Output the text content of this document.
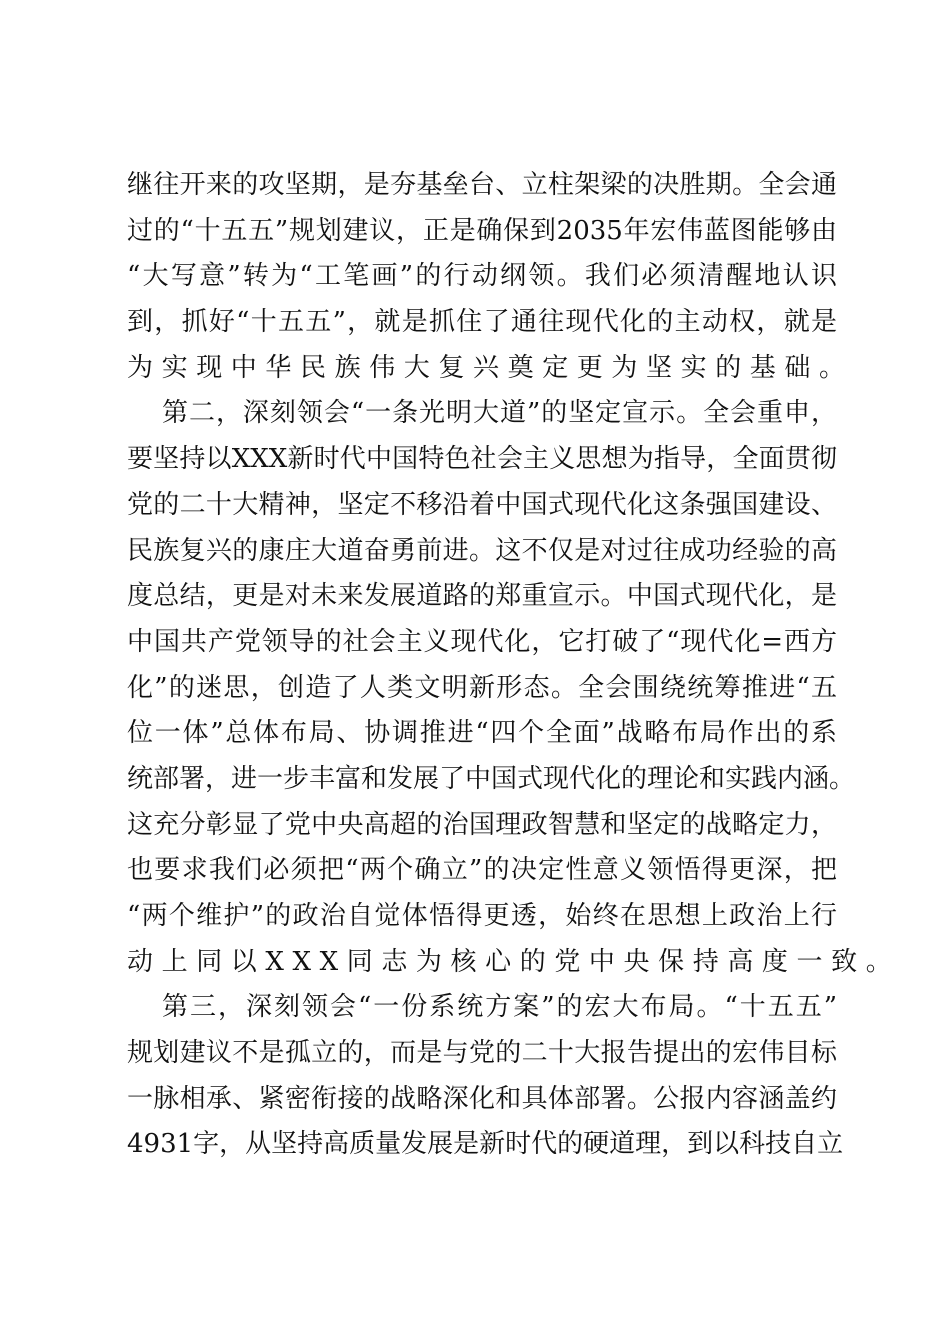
继往开来的攻坚期，是夯基垒台、立柱架梁的决胜期。全会通
过的“十五五”规划建议，正是确保到2035年宏伟蓝图能够由
“大写意”转为“工笔画”的行动纲领。我们必须清醒地认识
到，抓好“十五五”，就是抓住了通往现代化的主动权，就是
为实现中华民族伟大复兴奠定更为坚实的基础。
第二，深刻领会“一条光明大道”的坚定宣示。全会重申，
要坚持以XXX新时代中国特色社会主义思想为指导，全面贯彻
党的二十大精神，坚定不移沿着中国式现代化这条强国建设、
民族复兴的康庄大道奋勇前进。这不仅是对过往成功经验的高
度总结，更是对未来发展道路的郑重宣示。中国式现代化，是
中国共产党领导的社会主义现代化，它打破了“现代化=西方
化”的迷思，创造了人类文明新形态。全会围绕统筹推进“五
位一体”总体布局、协调推进“四个全面”战略布局作出的系
统部署，进一步丰富和发展了中国式现代化的理论和实践内涵。
这充分彰显了党中央高超的治国理政智慧和坚定的战略定力，
也要求我们必须把“两个确立”的决定性意义领悟得更深，把
“两个维护”的政治自觉体悟得更透，始终在思想上政治上行
动上同以XXX同志为核心的党中央保持高度一致。
第三，深刻领会“一份系统方案”的宏大布局。“十五五”
规划建议不是孤立的，而是与党的二十大报告提出的宏伟目标
一脉相承、紧密衔接的战略深化和具体部署。公报内容涵盖约
4931字，从坚持高质量发展是新时代的硬道理，到以科技自立
